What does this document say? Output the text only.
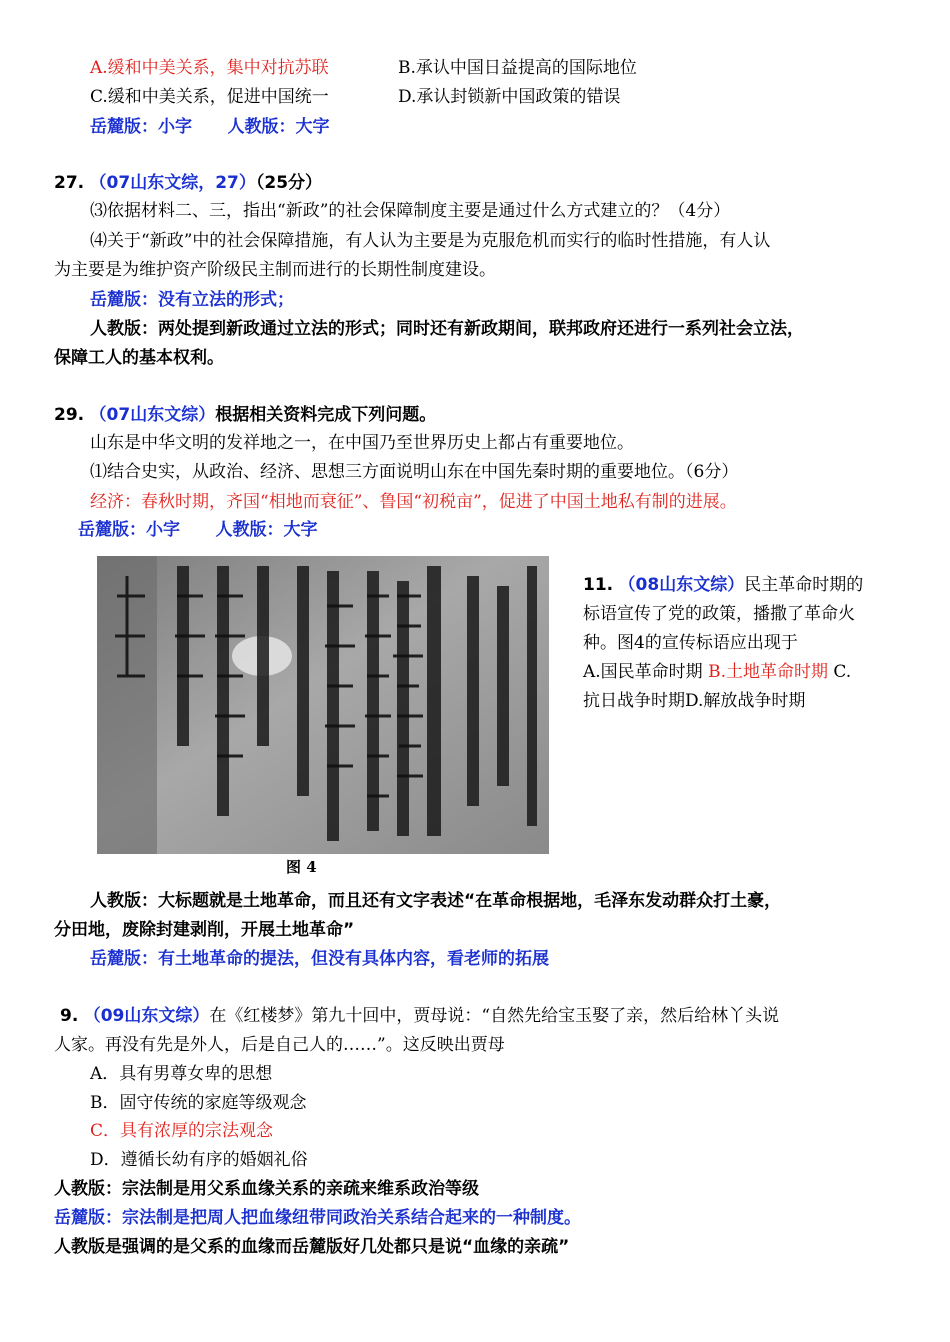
A.缓和中美关系，集中对抗苏联	B.承认中国日益提高的国际地位
C.缓和中美关系，促进中国统一	D.承认封锁新中国政策的错误
岳麓版：小字      人教版：大字
27. （07山东文综，27）（25分）
⑶依据材料二、三，指出“新政”的社会保障制度主要是通过什么方式建立的？（4分）
⑷关于“新政”中的社会保障措施，有人认为主要是为克服危机而实行的临时性措施，有人认
为主要是为维护资产阶级民主制而进行的长期性制度建设。
岳麓版：没有立法的形式；
人教版：两处提到新政通过立法的形式；同时还有新政期间，联邦政府还进行一系列社会立法，
保障工人的基本权利。
29. （07山东文综）根据相关资料完成下列问题。
山东是中华文明的发祥地之一，在中国乃至世界历史上都占有重要地位。
⑴结合史实，从政治、经济、思想三方面说明山东在中国先秦时期的重要地位。（6分）
经济：春秋时期，齐国“相地而衰征”、鲁国“初税亩”，促进了中国土地私有制的进展。
岳麓版：小字      人教版：大字
图 4
11. （08山东文综）民主革命时期的
标语宣传了党的政策，播撒了革命火
种。图4的宣传标语应出现于
A.国民革命时期 B.土地革命时期 C.
抗日战争时期D.解放战争时期
人教版：大标题就是土地革命，而且还有文字表述“在革命根据地，毛泽东发动群众打土豪，
分田地，废除封建剥削，开展土地革命”
岳麓版：有土地革命的提法，但没有具体内容，看老师的拓展
9. （09山东文综）在《红楼梦》第九十回中，贾母说：“自然先给宝玉娶了亲，然后给林丫头说
人家。再没有先是外人，后是自己人的……”。这反映出贾母
A．具有男尊女卑的思想
B．固守传统的家庭等级观念
C．具有浓厚的宗法观念
D．遵循长幼有序的婚姻礼俗
人教版：宗法制是用父系血缘关系的亲疏来维系政治等级
岳麓版：宗法制是把周人把血缘纽带同政治关系结合起来的一种制度。
人教版是强调的是父系的血缘而岳麓版好几处都只是说“血缘的亲疏”
